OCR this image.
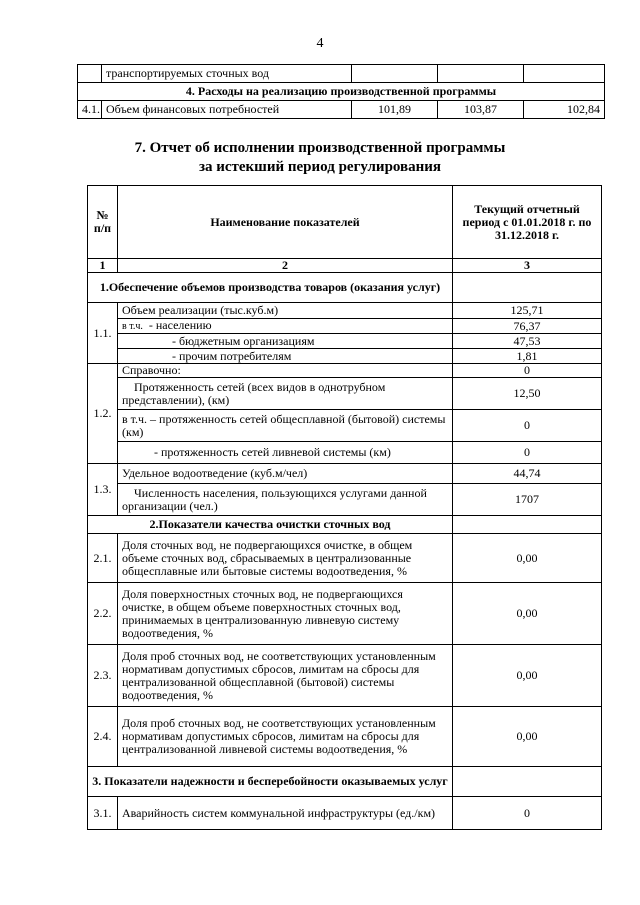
4
	транспортируемых сточных вод			
4. Расходы на реализацию производственной программы				
4.1.	Объем финансовых потребностей	101,89	103,87	102,84
7. Отчет об исполнении производственной программы
за истекший период регулирования
№ п/п	Наименование показателей	Текущий отчетный период с 01.01.2018 г. по 31.12.2018 г.
1	2	3
1.Обеспечение объемов производства товаров (оказания услуг)		
1.1.	Объем реализации (тыс.куб.м)	125,71
	в т.ч. - населению	76,37
	- бюджетным организациям	47,53
	- прочим потребителям	1,81
1.2.	Справочно:	0
	Протяженность сетей (всех видов в однотрубном представлении), (км)	12,50
	в т.ч. – протяженность сетей общесплавной (бытовой) системы (км)	0
	- протяженность сетей ливневой системы (км)	0
1.3.	Удельное водоотведение (куб.м/чел)	44,74
	Численность населения, пользующихся услугами данной организации (чел.)	1707
2.Показатели качества очистки сточных вод		
2.1.	Доля сточных вод, не подвергающихся очистке, в общем объеме сточных вод, сбрасываемых в централизованные общесплавные или бытовые системы водоотведения, %	0,00
2.2.	Доля поверхностных сточных вод, не подвергающихся очистке, в общем объеме поверхностных сточных вод, принимаемых в централизованную ливневую систему водоотведения, %	0,00
2.3.	Доля проб сточных вод, не соответствующих установленным нормативам допустимых сбросов, лимитам на сбросы для централизованной общесплавной (бытовой) системы водоотведения, %	0,00
2.4.	Доля проб сточных вод, не соответствующих установленным нормативам допустимых сбросов, лимитам на сбросы для централизованной ливневой системы водоотведения, %	0,00
3. Показатели надежности и бесперебойности оказываемых услуг		
3.1.	Аварийность систем коммунальной инфраструктуры (ед./км)	0
